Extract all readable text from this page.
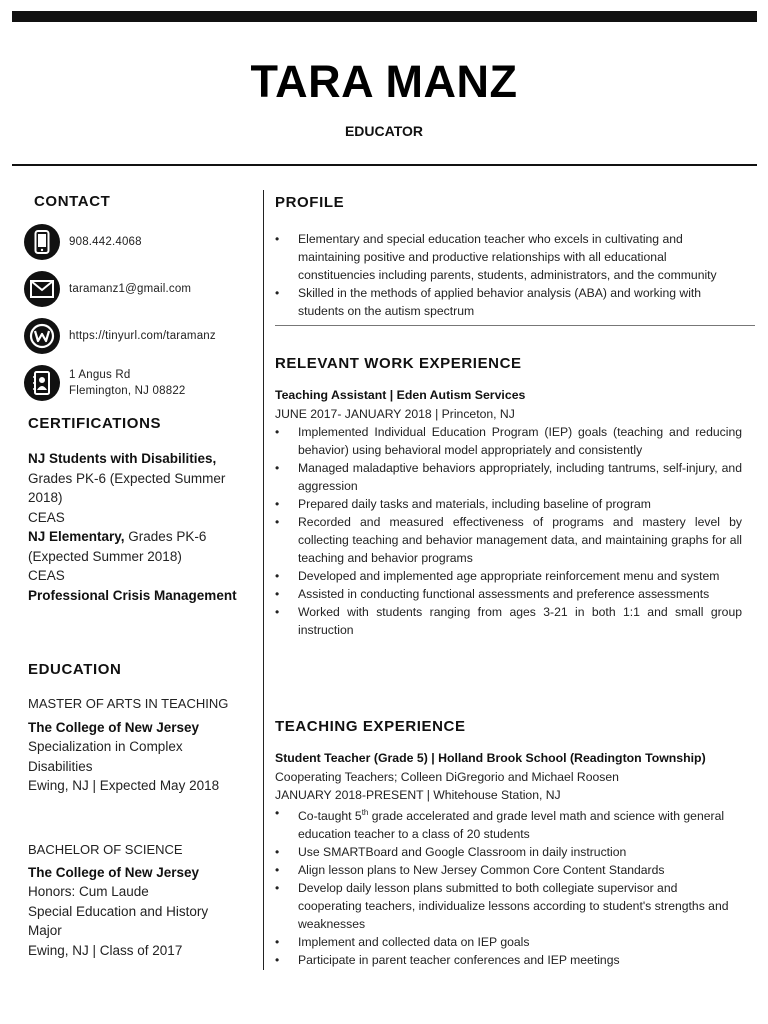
TARA MANZ
EDUCATOR
CONTACT
908.442.4068
taramanz1@gmail.com
https://tinyurl.com/taramanz
1 Angus Rd
Flemington, NJ 08822
CERTIFICATIONS

NJ Students with Disabilities, Grades PK-6 (Expected Summer 2018)

CEAS

NJ Elementary, Grades PK-6 (Expected Summer 2018)

CEAS

Professional Crisis Management

EDUCATION

MASTER OF ARTS IN TEACHING

The College of New Jersey

Specialization in Complex Disabilities

Ewing, NJ | Expected May 2018

BACHELOR OF SCIENCE

The College of New Jersey

Honors: Cum Laude

Special Education and History Major

Ewing, NJ | Class of 2017

PROFILE
• Elementary and special education teacher who excels in cultivating and maintaining positive and productive relationships with all educational constituencies including parents, students, administrators, and the community
• Skilled in the methods of applied behavior analysis (ABA) and working with students on the autism spectrum
RELEVANT WORK EXPERIENCE
Teaching Assistant | Eden Autism Services
JUNE 2017- JANUARY 2018 | Princeton, NJ
• Implemented Individual Education Program (IEP) goals (teaching and reducing behavior) using behavioral model appropriately and consistently
• Managed maladaptive behaviors appropriately, including tantrums, self-injury, and aggression
• Prepared daily tasks and materials, including baseline of program
• Recorded and measured effectiveness of programs and mastery level by collecting teaching and behavior management data, and maintaining graphs for all teaching and behavior programs
• Developed and implemented age appropriate reinforcement menu and system
• Assisted in conducting functional assessments and preference assessments
• Worked with students ranging from ages 3-21 in both 1:1 and small group instruction
TEACHING EXPERIENCE
Student Teacher (Grade 5) | Holland Brook School (Readington Township)
Cooperating Teachers; Colleen DiGregorio and Michael Roosen
JANUARY 2018-PRESENT | Whitehouse Station, NJ
• Co-taught 5th grade accelerated and grade level math and science with general education teacher to a class of 20 students
• Use SMARTBoard and Google Classroom in daily instruction
• Align lesson plans to New Jersey Common Core Content Standards
• Develop daily lesson plans submitted to both collegiate supervisor and cooperating teachers, individualize lessons according to student's strengths and weaknesses
• Implement and collected data on IEP goals
• Participate in parent teacher conferences and IEP meetings
